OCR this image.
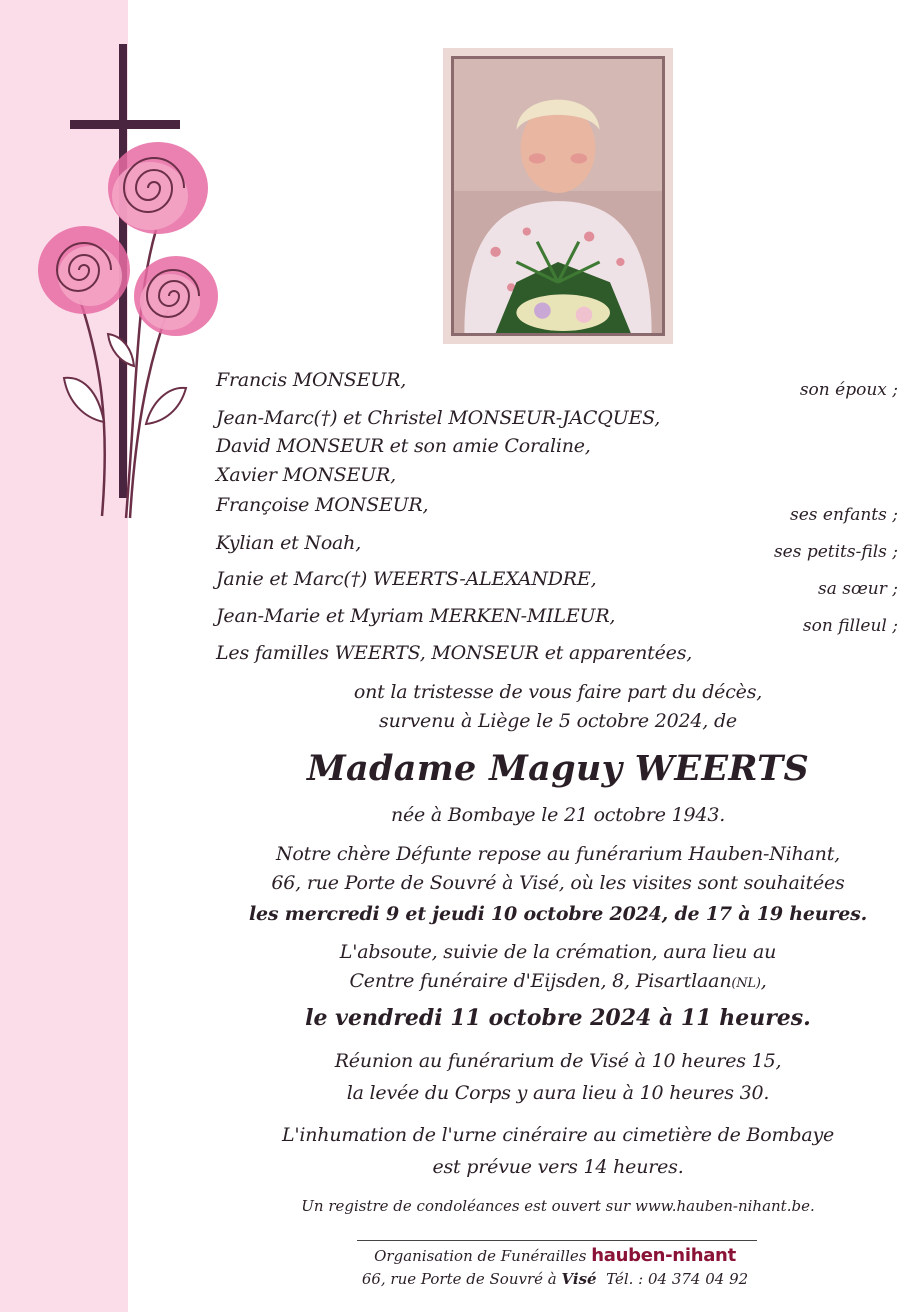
Francis MONSEUR,
Jean-Marc(†) et Christel MONSEUR-JACQUES,
David MONSEUR et son amie Coraline,
Xavier MONSEUR,
Françoise MONSEUR,
Kylian et Noah,
Janie et Marc(†) WEERTS-ALEXANDRE,
Jean-Marie et Myriam MERKEN-MILEUR,
Les familles WEERTS, MONSEUR et apparentées,
son époux ;
ses enfants ;
ses petits-fils ;
sa sœur ;
son filleul ;
ont la tristesse de vous faire part du décès,
survenu à Liège le 5 octobre 2024, de
Madame Maguy WEERTS
née à Bombaye le 21 octobre 1943.
Notre chère Défunte repose au funérarium Hauben-Nihant,
66, rue Porte de Souvré à Visé, où les visites sont souhaitées
les mercredi 9 et jeudi 10 octobre 2024, de 17 à 19 heures.
L'absoute, suivie de la crémation, aura lieu au
Centre funéraire d'Eijsden, 8, Pisartlaan(NL),
le vendredi 11 octobre 2024 à 11 heures.
Réunion au funérarium de Visé à 10 heures 15,
la levée du Corps y aura lieu à 10 heures 30.
L'inhumation de l'urne cinéraire au cimetière de Bombaye
est prévue vers 14 heures.
Un registre de condoléances est ouvert sur www.hauben-nihant.be.
Organisation de Funérailles hauben-nihant
66, rue Porte de Souvré à Visé Tél. : 04 374 04 92
